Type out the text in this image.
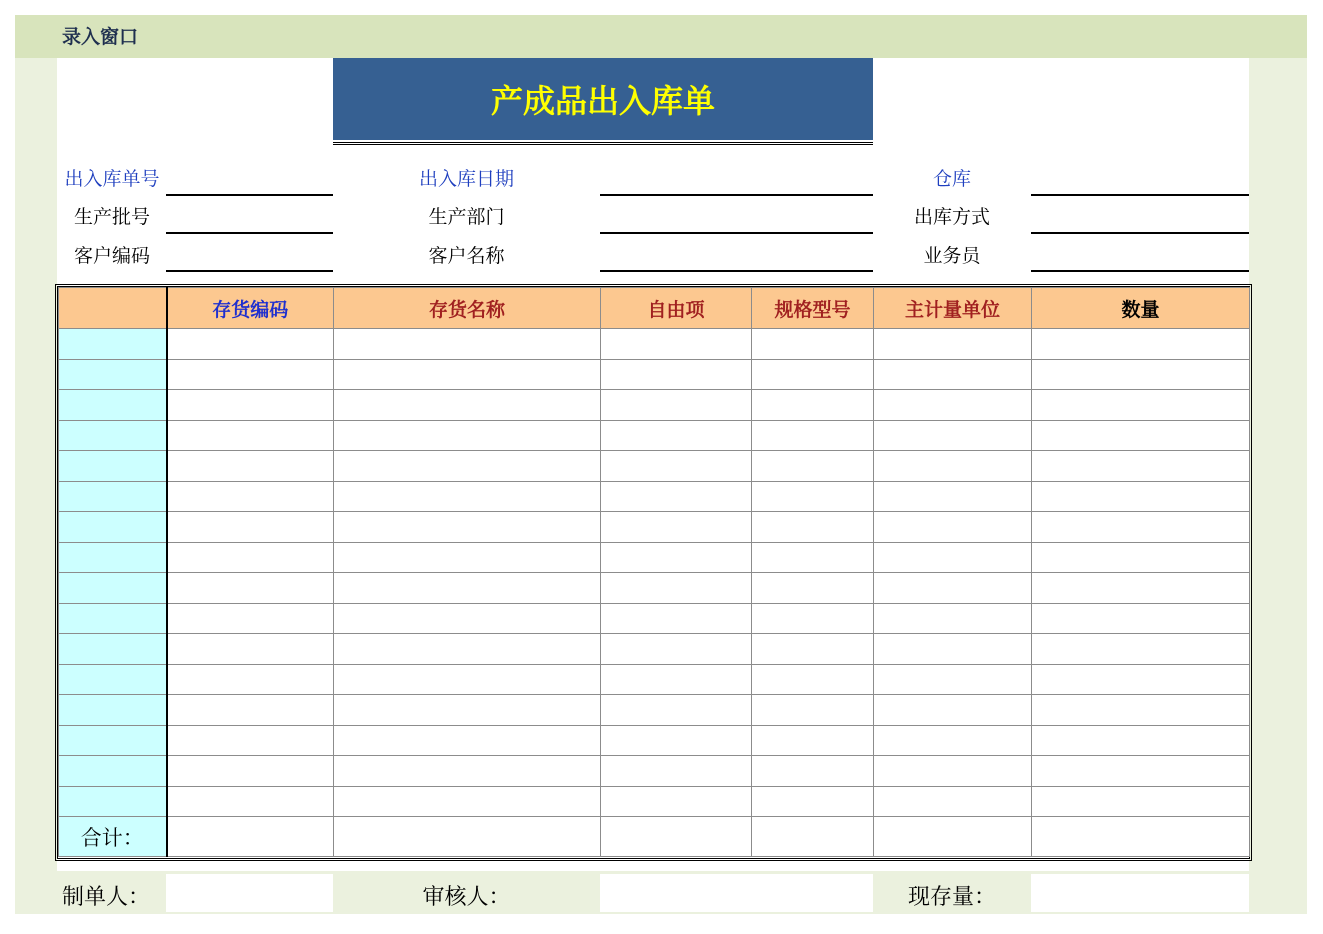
录入窗口
产成品出入库单
出入库单号	出入库日期	仓库
生产批号	生产部门	出库方式
客户编码	客户名称	业务员
	存货编码	存货名称	自由项	规格型号	主计量单位	数量

合计：						
制单人：	审核人：	现存量：
